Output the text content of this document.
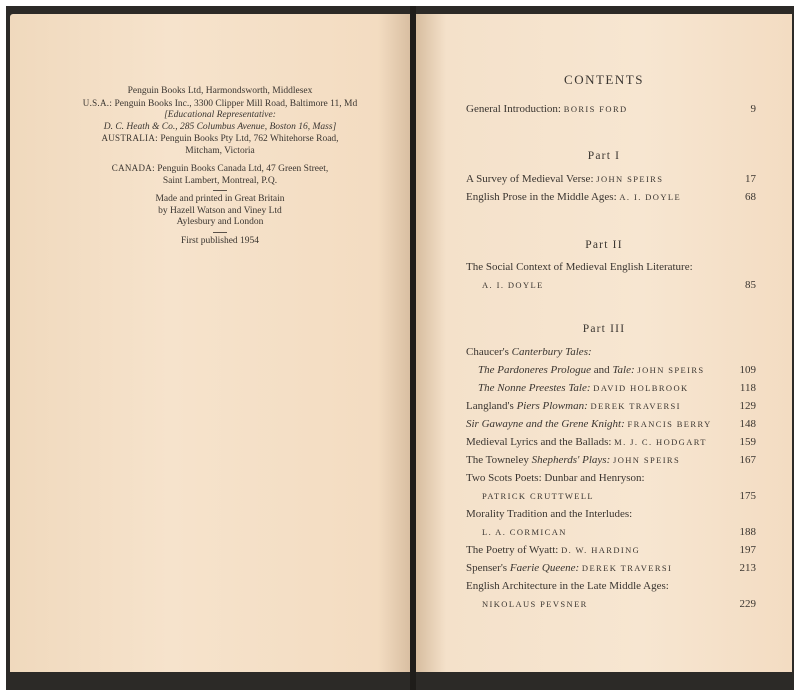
Penguin Books Ltd, Harmondsworth, Middlesex

U.S.A.: Penguin Books Inc., 3300 Clipper Mill Road, Baltimore 11, Md

[Educational Representative:

D. C. Heath & Co., 285 Columbus Avenue, Boston 16, Mass]

AUSTRALIA: Penguin Books Pty Ltd, 762 Whitehorse Road,

Mitcham, Victoria

CANADA: Penguin Books Canada Ltd, 47 Green Street,

Saint Lambert, Montreal, P.Q.

Made and printed in Great Britain

by Hazell Watson and Viney Ltd

Aylesbury and London

First published 1954

CONTENTS
General Introduction: BORIS FORD	9
Part I
A Survey of Medieval Verse: JOHN SPEIRS	17
English Prose in the Middle Ages: A. I. DOYLE	68
Part II
The Social Context of Medieval English Literature:
A. I. DOYLE	85
Part III
Chaucer's Canterbury Tales:
The Pardoneres Prologue and Tale: JOHN SPEIRS	109
The Nonne Preestes Tale: DAVID HOLBROOK	118
Langland's Piers Plowman: DEREK TRAVERSI	129
Sir Gawayne and the Grene Knight: FRANCIS BERRY	148
Medieval Lyrics and the Ballads: M. J. C. HODGART	159
The Towneley Shepherds' Plays: JOHN SPEIRS	167
Two Scots Poets: Dunbar and Henryson:
PATRICK CRUTTWELL	175
Morality Tradition and the Interludes:
L. A. CORMICAN	188
The Poetry of Wyatt: D. W. HARDING	197
Spenser's Faerie Queene: DEREK TRAVERSI	213
English Architecture in the Late Middle Ages:
NIKOLAUS PEVSNER	229
